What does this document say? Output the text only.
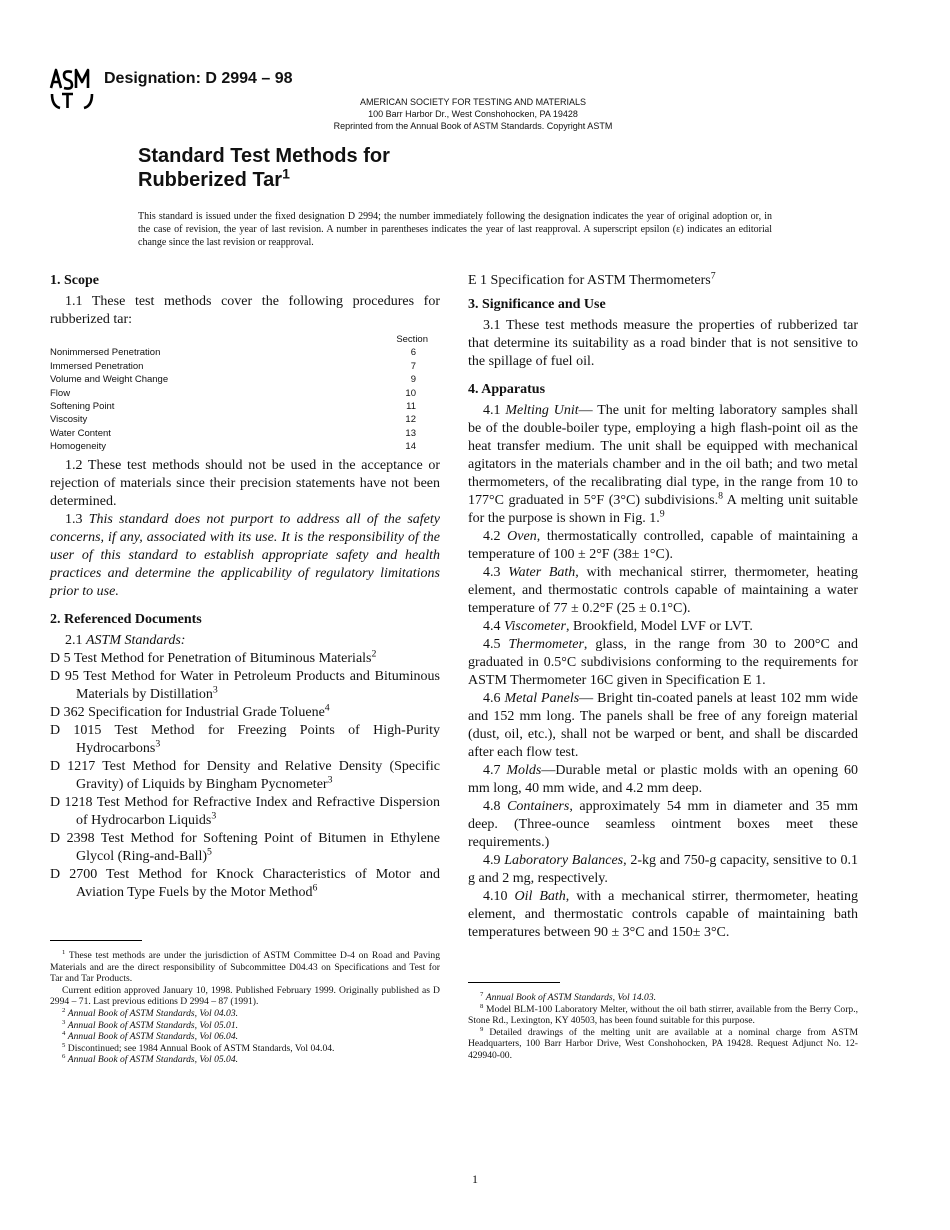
Designation: D 2994 – 98
AMERICAN SOCIETY FOR TESTING AND MATERIALS
100 Barr Harbor Dr., West Conshohocken, PA 19428
Reprinted from the Annual Book of ASTM Standards. Copyright ASTM
Standard Test Methods for
Rubberized Tar$^1$
This standard is issued under the fixed designation D 2994; the number immediately following the designation indicates the year of original adoption or, in the case of revision, the year of last revision. A number in parentheses indicates the year of last reapproval. A superscript epsilon (ε) indicates an editorial change since the last revision or reapproval.
1. Scope

1.1 These test methods cover the following procedures for rubberized tar:

	Section
Nonimmersed Penetration	6
Immersed Penetration	7
Volume and Weight Change	9
Flow	10
Softening Point	11
Viscosity	12
Water Content	13
Homogeneity	14

1.2 These test methods should not be used in the acceptance or rejection of materials since their precision statements have not been determined.

1.3 This standard does not purport to address all of the safety concerns, if any, associated with its use. It is the responsibility of the user of this standard to establish appropriate safety and health practices and determine the applicability of regulatory limitations prior to use.

2. Referenced Documents

2.1 ASTM Standards:

D 5 Test Method for Penetration of Bituminous Materials$^2$

D 95 Test Method for Water in Petroleum Products and Bituminous Materials by Distillation$^3$

D 362 Specification for Industrial Grade Toluene$^4$

D 1015 Test Method for Freezing Points of High-Purity Hydrocarbons$^3$

D 1217 Test Method for Density and Relative Density (Specific Gravity) of Liquids by Bingham Pycnometer$^3$

D 1218 Test Method for Refractive Index and Refractive Dispersion of Hydrocarbon Liquids$^3$

D 2398 Test Method for Softening Point of Bitumen in Ethylene Glycol (Ring-and-Ball)$^5$

D 2700 Test Method for Knock Characteristics of Motor and Aviation Type Fuels by the Motor Method$^6$

E 1 Specification for ASTM Thermometers$^7$

3. Significance and Use

3.1 These test methods measure the properties of rubberized tar that determine its suitability as a road binder that is not sensitive to the spillage of fuel oil.

4. Apparatus

4.1 Melting Unit— The unit for melting laboratory samples shall be of the double-boiler type, employing a high flash-point oil as the heat transfer medium. The unit shall be equipped with mechanical agitators in the materials chamber and in the oil bath; and two metal thermometers, of the recalibrating dial type, in the range from 10 to 177°C graduated in 5°F (3°C) subdivisions.$^8$ A melting unit suitable for the purpose is shown in Fig. 1.$^9$

4.2 Oven, thermostatically controlled, capable of maintaining a temperature of 100 ± 2°F (38± 1°C).

4.3 Water Bath, with mechanical stirrer, thermometer, heating element, and thermostatic controls capable of maintaining a water temperature of 77 ± 0.2°F (25 ± 0.1°C).

4.4 Viscometer, Brookfield, Model LVF or LVT.

4.5 Thermometer, glass, in the range from 30 to 200°C and graduated in 0.5°C subdivisions conforming to the requirements for ASTM Thermometer 16C given in Specification E 1.

4.6 Metal Panels— Bright tin-coated panels at least 102 mm wide and 152 mm long. The panels shall be free of any foreign material (dust, oil, etc.), shall not be warped or bent, and shall be discarded after each flow test.

4.7 Molds—Durable metal or plastic molds with an opening 60 mm long, 40 mm wide, and 4.2 mm deep.

4.8 Containers, approximately 54 mm in diameter and 35 mm deep. (Three-ounce seamless ointment boxes meet these requirements.)

4.9 Laboratory Balances, 2-kg and 750-g capacity, sensitive to 0.1 g and 2 mg, respectively.

4.10 Oil Bath, with a mechanical stirrer, thermometer, heating element, and thermostatic controls capable of maintaining bath temperatures between 90 ± 3°C and 150± 3°C.

$^1$ These test methods are under the jurisdiction of ASTM Committee D-4 on Road and Paving Materials and are the direct responsibility of Subcommittee D04.43 on Specifications and Test for Tar and Tar Products.

Current edition approved January 10, 1998. Published February 1999. Originally published as D 2994 – 71. Last previous editions D 2994 – 87 (1991).

$^2$ Annual Book of ASTM Standards, Vol 04.03.

$^3$ Annual Book of ASTM Standards, Vol 05.01.

$^4$ Annual Book of ASTM Standards, Vol 06.04.

$^5$ Discontinued; see 1984 Annual Book of ASTM Standards, Vol 04.04.

$^6$ Annual Book of ASTM Standards, Vol 05.04.

$^7$ Annual Book of ASTM Standards, Vol 14.03.

$^8$ Model BLM-100 Laboratory Melter, without the oil bath stirrer, available from the Berry Corp., Stone Rd., Lexington, KY 40503, has been found suitable for this purpose.

$^9$ Detailed drawings of the melting unit are available at a nominal charge from ASTM Headquarters, 100 Barr Harbor Drive, West Conshohocken, PA 19428. Request Adjunct No. 12-429940-00.

1
